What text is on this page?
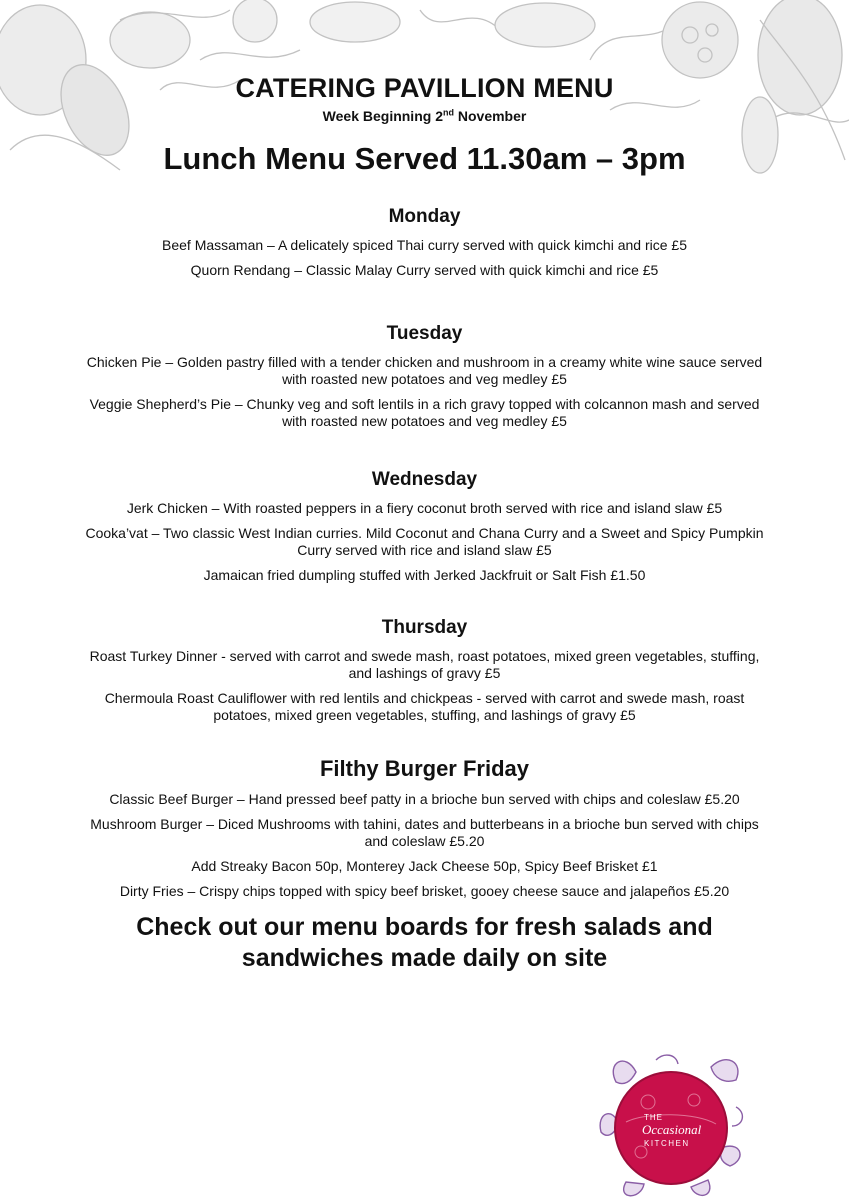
CATERING PAVILLION MENU
Week Beginning 2nd November
Lunch Menu Served 11.30am – 3pm
Monday
Beef Massaman – A delicately spiced Thai curry served with quick kimchi and rice £5
Quorn Rendang – Classic Malay Curry served with quick kimchi and rice £5
Tuesday
Chicken Pie – Golden pastry filled with a tender chicken and mushroom in a creamy white wine sauce served with roasted new potatoes and veg medley £5
Veggie Shepherd’s Pie – Chunky veg and soft lentils in a rich gravy topped with colcannon mash and served with roasted new potatoes and veg medley £5
Wednesday
Jerk Chicken – With roasted peppers in a fiery coconut broth served with rice and island slaw £5
Cooka’vat – Two classic West Indian curries. Mild Coconut and Chana Curry and a Sweet and Spicy Pumpkin Curry served with rice and island slaw £5
Jamaican fried dumpling stuffed with Jerked Jackfruit or Salt Fish £1.50
Thursday
Roast Turkey Dinner - served with carrot and swede mash, roast potatoes, mixed green vegetables, stuffing, and lashings of gravy £5
Chermoula Roast Cauliflower with red lentils and chickpeas - served with carrot and swede mash, roast potatoes, mixed green vegetables, stuffing, and lashings of gravy £5
Filthy Burger Friday
Classic Beef Burger – Hand pressed beef patty in a brioche bun served with chips and coleslaw £5.20
Mushroom Burger – Diced Mushrooms with tahini, dates and butterbeans in a brioche bun served with chips and coleslaw £5.20
Add Streaky Bacon 50p, Monterey Jack Cheese 50p, Spicy Beef Brisket £1
Dirty Fries – Crispy chips topped with spicy beef brisket, gooey cheese sauce and jalapeños £5.20
Check out our menu boards for fresh salads and
sandwiches made daily on site
THE
Occasional
KITCHEN
